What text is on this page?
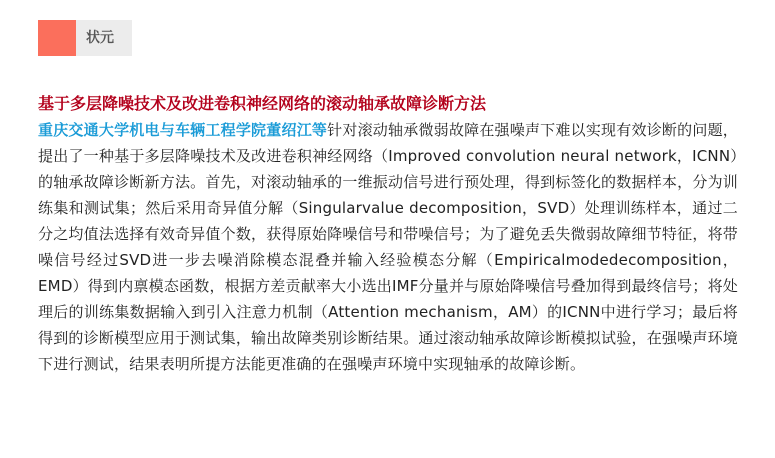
状元
基于多层降噪技术及改进卷积神经网络的滚动轴承故障诊断方法

重庆交通大学机电与车辆工程学院董绍江等针对滚动轴承微弱故障在强噪声下难以实现有效诊断的问题，提出了一种基于多层降噪技术及改进卷积神经网络（Improved convolution neural network，ICNN）的轴承故障诊断新方法。首先，对滚动轴承的一维振动信号进行预处理，得到标签化的数据样本，分为训练集和测试集；然后采用奇异值分解（Singularvalue decomposition，SVD）处理训练样本，通过二分之均值法选择有效奇异值个数，获得原始降噪信号和带噪信号；为了避免丢失微弱故障细节特征，将带噪信号经过SVD进一步去噪消除模态混叠并输入经验模态分解（Empiricalmodedecomposition，EMD）得到内禀模态函数，根据方差贡献率大小选出IMF分量并与原始降噪信号叠加得到最终信号；将处理后的训练集数据输入到引入注意力机制（Attention mechanism，AM）的ICNN中进行学习；最后将得到的诊断模型应用于测试集，输出故障类别诊断结果。通过滚动轴承故障诊断模拟试验，在强噪声环境下进行测试，结果表明所提方法能更准确的在强噪声环境中实现轴承的故障诊断。
